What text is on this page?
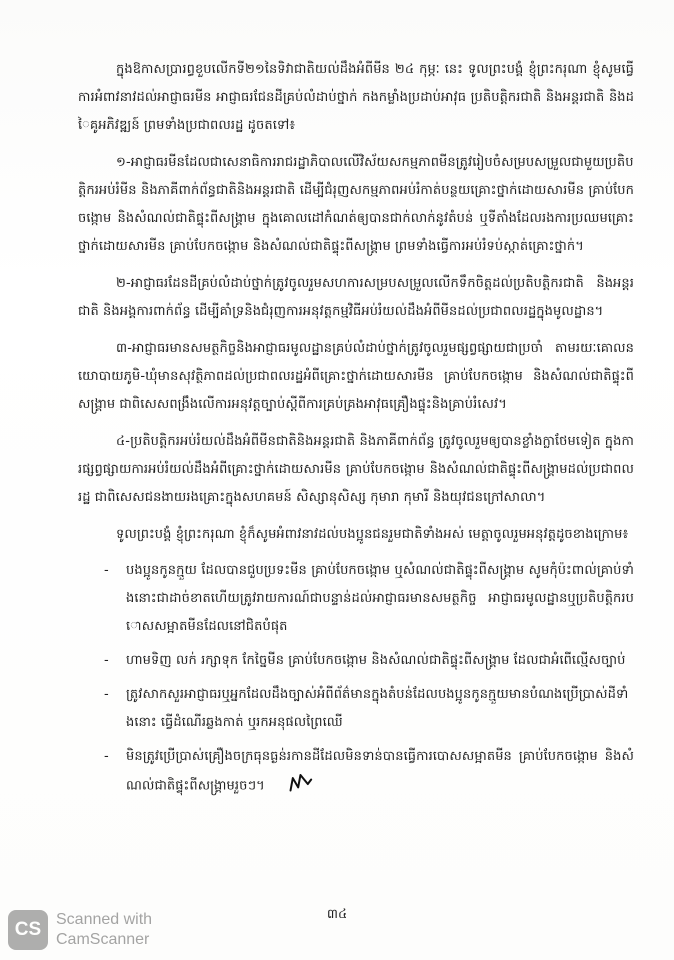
ក្នុងឱកាសប្រារព្ធខួបលើកទី២១នៃទិវាជាតិយល់ដឹងអំពីមីន ២៤ កុម្ភៈ នេះ ទូលព្រះបង្គំ ខ្ញុំព្រះករុណា ខ្ញុំសូមធ្វើការអំពាវនាវដល់អាជ្ញាធរមីន អាជ្ញាធរជែនដីគ្រប់លំដាប់ថ្នាក់ កងកម្លាំងប្រដាប់អាវុធ ប្រតិបត្តិករជាតិ និងអន្តរជាតិ និងដៃគូអភិវឌ្ឍន៍ ព្រមទាំងប្រជាពលរដ្ឋ ដូចតទៅ៖

១-អាជ្ញាធរមីនដែលជាសេនាធិការរាជរដ្ឋាភិបាលលើវិស័យសកម្មភាពមីនត្រូវរៀបចំសម្របសម្រួលជាមួយប្រតិបត្តិករអប់រំមីន និងភាគីពាក់ព័ន្ធជាតិនិងអន្តរជាតិ ដើម្បីជំរុញសកម្មភាពអប់រំកាត់បន្ថយគ្រោះថ្នាក់ដោយសារមីន គ្រាប់បែកចង្កោម និងសំណល់ជាតិផ្ទុះពីសង្គ្រាម ក្នុងគោលដៅកំណត់ឲ្យបានជាក់លាក់នូវតំបន់ ឬទីតាំងដែលរងការប្រឈមគ្រោះថ្នាក់ដោយសារមីន គ្រាប់បែកចង្កោម និងសំណល់ជាតិផ្ទុះពីសង្គ្រាម ព្រមទាំងធ្វើការអប់រំទប់ស្កាត់គ្រោះថ្នាក់។

២-អាជ្ញាធរដែនដីគ្រប់លំដាប់ថ្នាក់ត្រូវចូលរួមសហការសម្របសម្រួលលើកទឹកចិត្តដល់ប្រតិបត្តិករជាតិ និងអន្តរជាតិ និងអង្គការពាក់ព័ន្ធ ដើម្បីគាំទ្រនិងជំរុញការអនុវត្តកម្មវិធីអប់រំយល់ដឹងអំពីមីនដល់ប្រជាពលរដ្ឋក្នុងមូលដ្ឋាន។

៣-អាជ្ញាធរមានសមត្ថកិច្ចនិងអាជ្ញាធរមូលដ្ឋានគ្រប់លំដាប់ថ្នាក់ត្រូវចូលរួមផ្សព្វផ្សាយជាប្រចាំ តាមរយៈគោលនយោបាយភូមិ-ឃុំមានសុវត្ថិភាពដល់ប្រជាពលរដ្ឋអំពីគ្រោះថ្នាក់ដោយសារមីន គ្រាប់បែកចង្កោម និងសំណល់ជាតិផ្ទុះពីសង្គ្រាម ជាពិសេសពង្រឹងលើការអនុវត្តច្បាប់ស្តីពីការគ្រប់គ្រងអាវុធគ្រឿងផ្ទុះនិងគ្រាប់រំសេវ។

៤-ប្រតិបត្តិករអប់រំយល់ដឹងអំពីមីនជាតិនិងអន្តរជាតិ និងភាគីពាក់ព័ន្ធ ត្រូវចូលរួមឲ្យបានខ្លាំងក្លាថែមទៀត ក្នុងការផ្សព្វផ្សាយការអប់រំយល់ដឹងអំពីគ្រោះថ្នាក់ដោយសារមីន គ្រាប់បែកចង្កោម និងសំណល់ជាតិផ្ទុះពីសង្គ្រាមដល់ប្រជាពលរដ្ឋ ជាពិសេសជនងាយរងគ្រោះក្នុងសហគមន៍ សិស្សានុសិស្ស កុមារា កុមារី និងយុវជនក្រៅសាលា។

ទូលព្រះបង្គំ ខ្ញុំព្រះករុណា ខ្ញុំក៏សូមអំពាវនាវដល់បងប្អូនជនរួមជាតិទាំងអស់ មេត្តាចូលរួមអនុវត្តដូចខាងក្រោម៖

- បងប្អូនកូនក្មួយ ដែលបានជួបប្រទះមីន គ្រាប់បែកចង្កោម ឬសំណល់ជាតិផ្ទុះពីសង្គ្រាម សូមកុំប៉ះពាល់គ្រាប់ទាំងនោះជាដាច់ខាតហើយត្រូវរាយការណ៍ជាបន្ទាន់ដល់អាជ្ញាធរមានសមត្ថកិច្ច អាជ្ញាធរមូលដ្ឋានឬប្រតិបត្តិករបោសសម្អាតមីនដែលនៅជិតបំផុត
- ហាមទិញ លក់ រក្សាទុក កែច្នៃមីន គ្រាប់បែកចង្កោម និងសំណល់ជាតិផ្ទុះពីសង្គ្រាម ដែលជាអំពើល្មើសច្បាប់
- ត្រូវសាកសួរអាជ្ញាធរឬអ្នកដែលដឹងច្បាស់អំពីព័ត៌មានក្នុងតំបន់ដែលបងប្អូនកូនក្មួយមានបំណងប្រើប្រាស់ដីទាំងនោះ ធ្វើដំណើរឆ្លងកាត់ ឬរកអនុផលព្រៃឈើ
- មិនត្រូវប្រើប្រាស់គ្រឿងចក្រធុនធ្ងន់រកានដីដែលមិនទាន់បានធ្វើការបោសសម្អាតមីន គ្រាប់បែកចង្កោម និងសំណល់ជាតិផ្ទុះពីសង្គ្រាមរួចៗ។
៣៤
CS Scanned with
CamScanner
